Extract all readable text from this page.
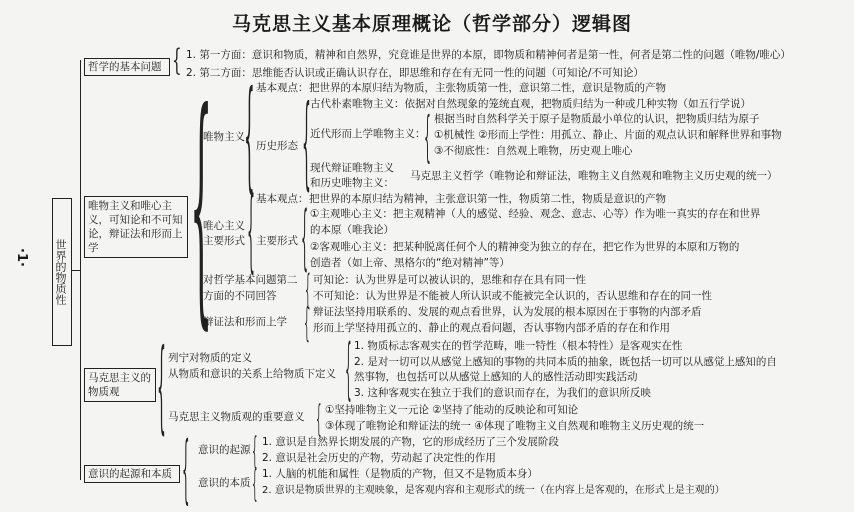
马克思主义基本原理概论（哲学部分）逻辑图
·1· 世界的物质性
哲学的基本问题 { 1. 第一方面：意识和物质，精神和自然界，究竟谁是世界的本原，即物质和精神何者是第一性，何者是第二性的问题（唯物/唯心）
2. 第二方面：思维能否认识或正确认识存在，即思维和存在有无同一性的问题（可知论/不可知论）
唯物主义和唯心主义，可知论和不可知论，辩证法和形而上学 {
唯物主义 { 基本观点： 把世界的本原归结为物质，主张物质第一性，意识第二性，意识是物质的产物
历史形态 { 古代朴素唯物主义：依据对自然现象的笼统直观，把物质归结为一种或几种实物（如五行学说）
近代形而上学唯物主义：
{ 根据当时自然科学关于原子是物质最小单位的认识，把物质归结为原子
①机械性 ②形而上学性：用孤立、静止、片面的观点认识和解释世界和事物
③不彻底性：自然观上唯物，历史观上唯心
现代辩证唯物主义
和历史唯物主义：
马克思主义哲学（唯物论和辩证法，唯物主义自然观和唯物主义历史观的统一）
唯心主义
主要形式 { 基本观点： 把世界的本原归结为精神，主张意识第一性，物质第二性，物质是意识的产物
主要形式 { ①主观唯心主义：把主观精神（人的感觉、经验、观念、意志、心等）作为唯一真实的存在和世界
的本原（唯我论）
②客观唯心主义：把某种脱离任何个人的精神变为独立的存在，把它作为世界的本原和万物的
创造者（如上帝、黑格尔的“绝对精神”等）
对哲学基本问题第二
方面的不同回答 { 可知论：认为世界是可以被认识的，思维和存在具有同一性
不可知论：认为世界是不能被人所认识或不能被完全认识的，否认思维和存在的同一性
辩证法和形而上学 { 辩证法坚持用联系的、发展的观点看世界，认为发展的根本原因在于事物的内部矛盾
形而上学坚持用孤立的、静止的观点看问题，否认事物内部矛盾的存在和作用
马克思主义的物质观 { 列宁对物质的定义
从物质和意识的关系上给物质下定义 { 1. 物质标志客观实在的哲学范畴，唯一特性（根本特性）是客观实在性
2. 是对一切可以从感觉上感知的事物的共同本质的抽象，既包括一切可以从感觉上感知的自
然事物，也包括可以从感觉上感知的人的感性活动即实践活动
3. 这种客观实在独立于我们的意识而存在，为我们的意识所反映
马克思主义物质观的重要意义 { ①坚持唯物主义一元论 ②坚持了能动的反映论和可知论
③体现了唯物论和辩证法的统一 ④体现了唯物主义自然观和唯物主义历史观的统一
意识的起源和本质 { 意识的起源 { 1. 意识是自然界长期发展的产物，它的形成经历了三个发展阶段
2. 意识是社会历史的产物，劳动起了决定性的作用
意识的本质 { 1. 人脑的机能和属性（是物质的产物，但又不是物质本身）
2. 意识是物质世界的主观映象，是客观内容和主观形式的统一（在内容上是客观的，在形式上是主观的）
